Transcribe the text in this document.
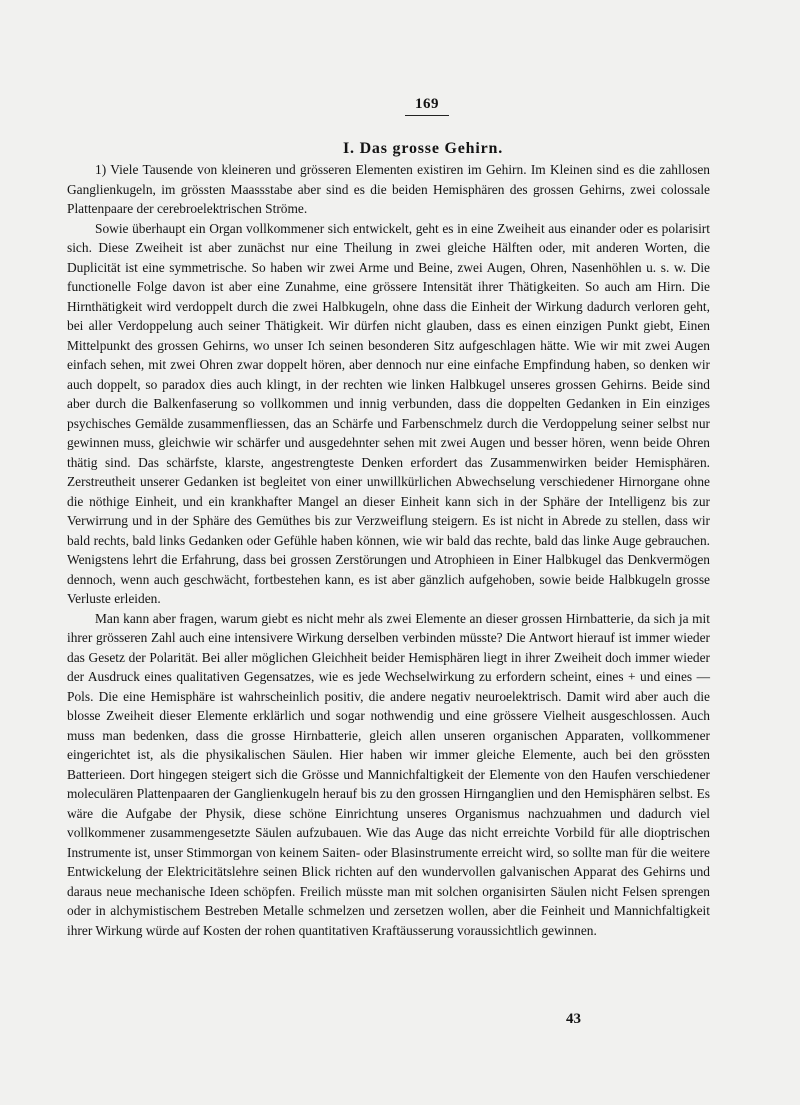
169
I. Das grosse Gehirn.

1) Viele Tausende von kleineren und grösseren Elementen existiren im Gehirn. Im Kleinen sind es die zahllosen Ganglienkugeln, im grössten Maassstabe aber sind es die beiden Hemisphären des grossen Gehirns, zwei colossale Plattenpaare der cerebroelektrischen Ströme.

Sowie überhaupt ein Organ vollkommener sich entwickelt, geht es in eine Zweiheit aus einander oder es polarisirt sich. Diese Zweiheit ist aber zunächst nur eine Theilung in zwei gleiche Hälften oder, mit anderen Worten, die Duplicität ist eine symmetrische. So haben wir zwei Arme und Beine, zwei Augen, Ohren, Nasenhöhlen u. s. w. Die functionelle Folge davon ist aber eine Zunahme, eine grössere Intensität ihrer Thätigkeiten. So auch am Hirn. Die Hirnthätigkeit wird verdoppelt durch die zwei Halbkugeln, ohne dass die Einheit der Wirkung dadurch verloren geht, bei aller Verdoppelung auch seiner Thätigkeit. Wir dürfen nicht glauben, dass es einen einzigen Punkt giebt, Einen Mittelpunkt des grossen Gehirns, wo unser Ich seinen besonderen Sitz aufgeschlagen hätte. Wie wir mit zwei Augen einfach sehen, mit zwei Ohren zwar doppelt hören, aber dennoch nur eine einfache Empfindung haben, so denken wir auch doppelt, so paradox dies auch klingt, in der rechten wie linken Halbkugel unseres grossen Gehirns. Beide sind aber durch die Balkenfaserung so vollkommen und innig verbunden, dass die doppelten Gedanken in Ein einziges psychisches Gemälde zusammenfliessen, das an Schärfe und Farbenschmelz durch die Verdoppelung seiner selbst nur gewinnen muss, gleichwie wir schärfer und ausgedehnter sehen mit zwei Augen und besser hören, wenn beide Ohren thätig sind. Das schärfste, klarste, angestrengteste Denken erfordert das Zusammenwirken beider Hemisphären. Zerstreutheit unserer Gedanken ist begleitet von einer unwillkürlichen Abwechselung verschiedener Hirnorgane ohne die nöthige Einheit, und ein krankhafter Mangel an dieser Einheit kann sich in der Sphäre der Intelligenz bis zur Verwirrung und in der Sphäre des Gemüthes bis zur Verzweiflung steigern. Es ist nicht in Abrede zu stellen, dass wir bald rechts, bald links Gedanken oder Gefühle haben können, wie wir bald das rechte, bald das linke Auge gebrauchen. Wenigstens lehrt die Erfahrung, dass bei grossen Zerstörungen und Atrophieen in Einer Halbkugel das Denkvermögen dennoch, wenn auch geschwächt, fortbestehen kann, es ist aber gänzlich aufgehoben, sowie beide Halbkugeln grosse Verluste erleiden.

Man kann aber fragen, warum giebt es nicht mehr als zwei Elemente an dieser grossen Hirnbatterie, da sich ja mit ihrer grösseren Zahl auch eine intensivere Wirkung derselben verbinden müsste? Die Antwort hierauf ist immer wieder das Gesetz der Polarität. Bei aller möglichen Gleichheit beider Hemisphären liegt in ihrer Zweiheit doch immer wieder der Ausdruck eines qualitativen Gegensatzes, wie es jede Wechselwirkung zu erfordern scheint, eines + und eines — Pols. Die eine Hemisphäre ist wahrscheinlich positiv, die andere negativ neuroelektrisch. Damit wird aber auch die blosse Zweiheit dieser Elemente erklärlich und sogar nothwendig und eine grössere Vielheit ausgeschlossen. Auch muss man bedenken, dass die grosse Hirnbatterie, gleich allen unseren organischen Apparaten, vollkommener eingerichtet ist, als die physikalischen Säulen. Hier haben wir immer gleiche Elemente, auch bei den grössten Batterieen. Dort hingegen steigert sich die Grösse und Mannichfaltigkeit der Elemente von den Haufen verschiedener moleculären Plattenpaaren der Ganglienkugeln herauf bis zu den grossen Hirnganglien und den Hemisphären selbst. Es wäre die Aufgabe der Physik, diese schöne Einrichtung unseres Organismus nachzuahmen und dadurch viel vollkommener zusammengesetzte Säulen aufzubauen. Wie das Auge das nicht erreichte Vorbild für alle dioptrischen Instrumente ist, unser Stimmorgan von keinem Saiten- oder Blasinstrumente erreicht wird, so sollte man für die weitere Entwickelung der Elektricitätslehre seinen Blick richten auf den wundervollen galvanischen Apparat des Gehirns und daraus neue mechanische Ideen schöpfen. Freilich müsste man mit solchen organisirten Säulen nicht Felsen sprengen oder in alchymistischem Bestreben Metalle schmelzen und zersetzen wollen, aber die Feinheit und Mannichfaltigkeit ihrer Wirkung würde auf Kosten der rohen quantitativen Kraftäusserung voraussichtlich gewinnen.

43
